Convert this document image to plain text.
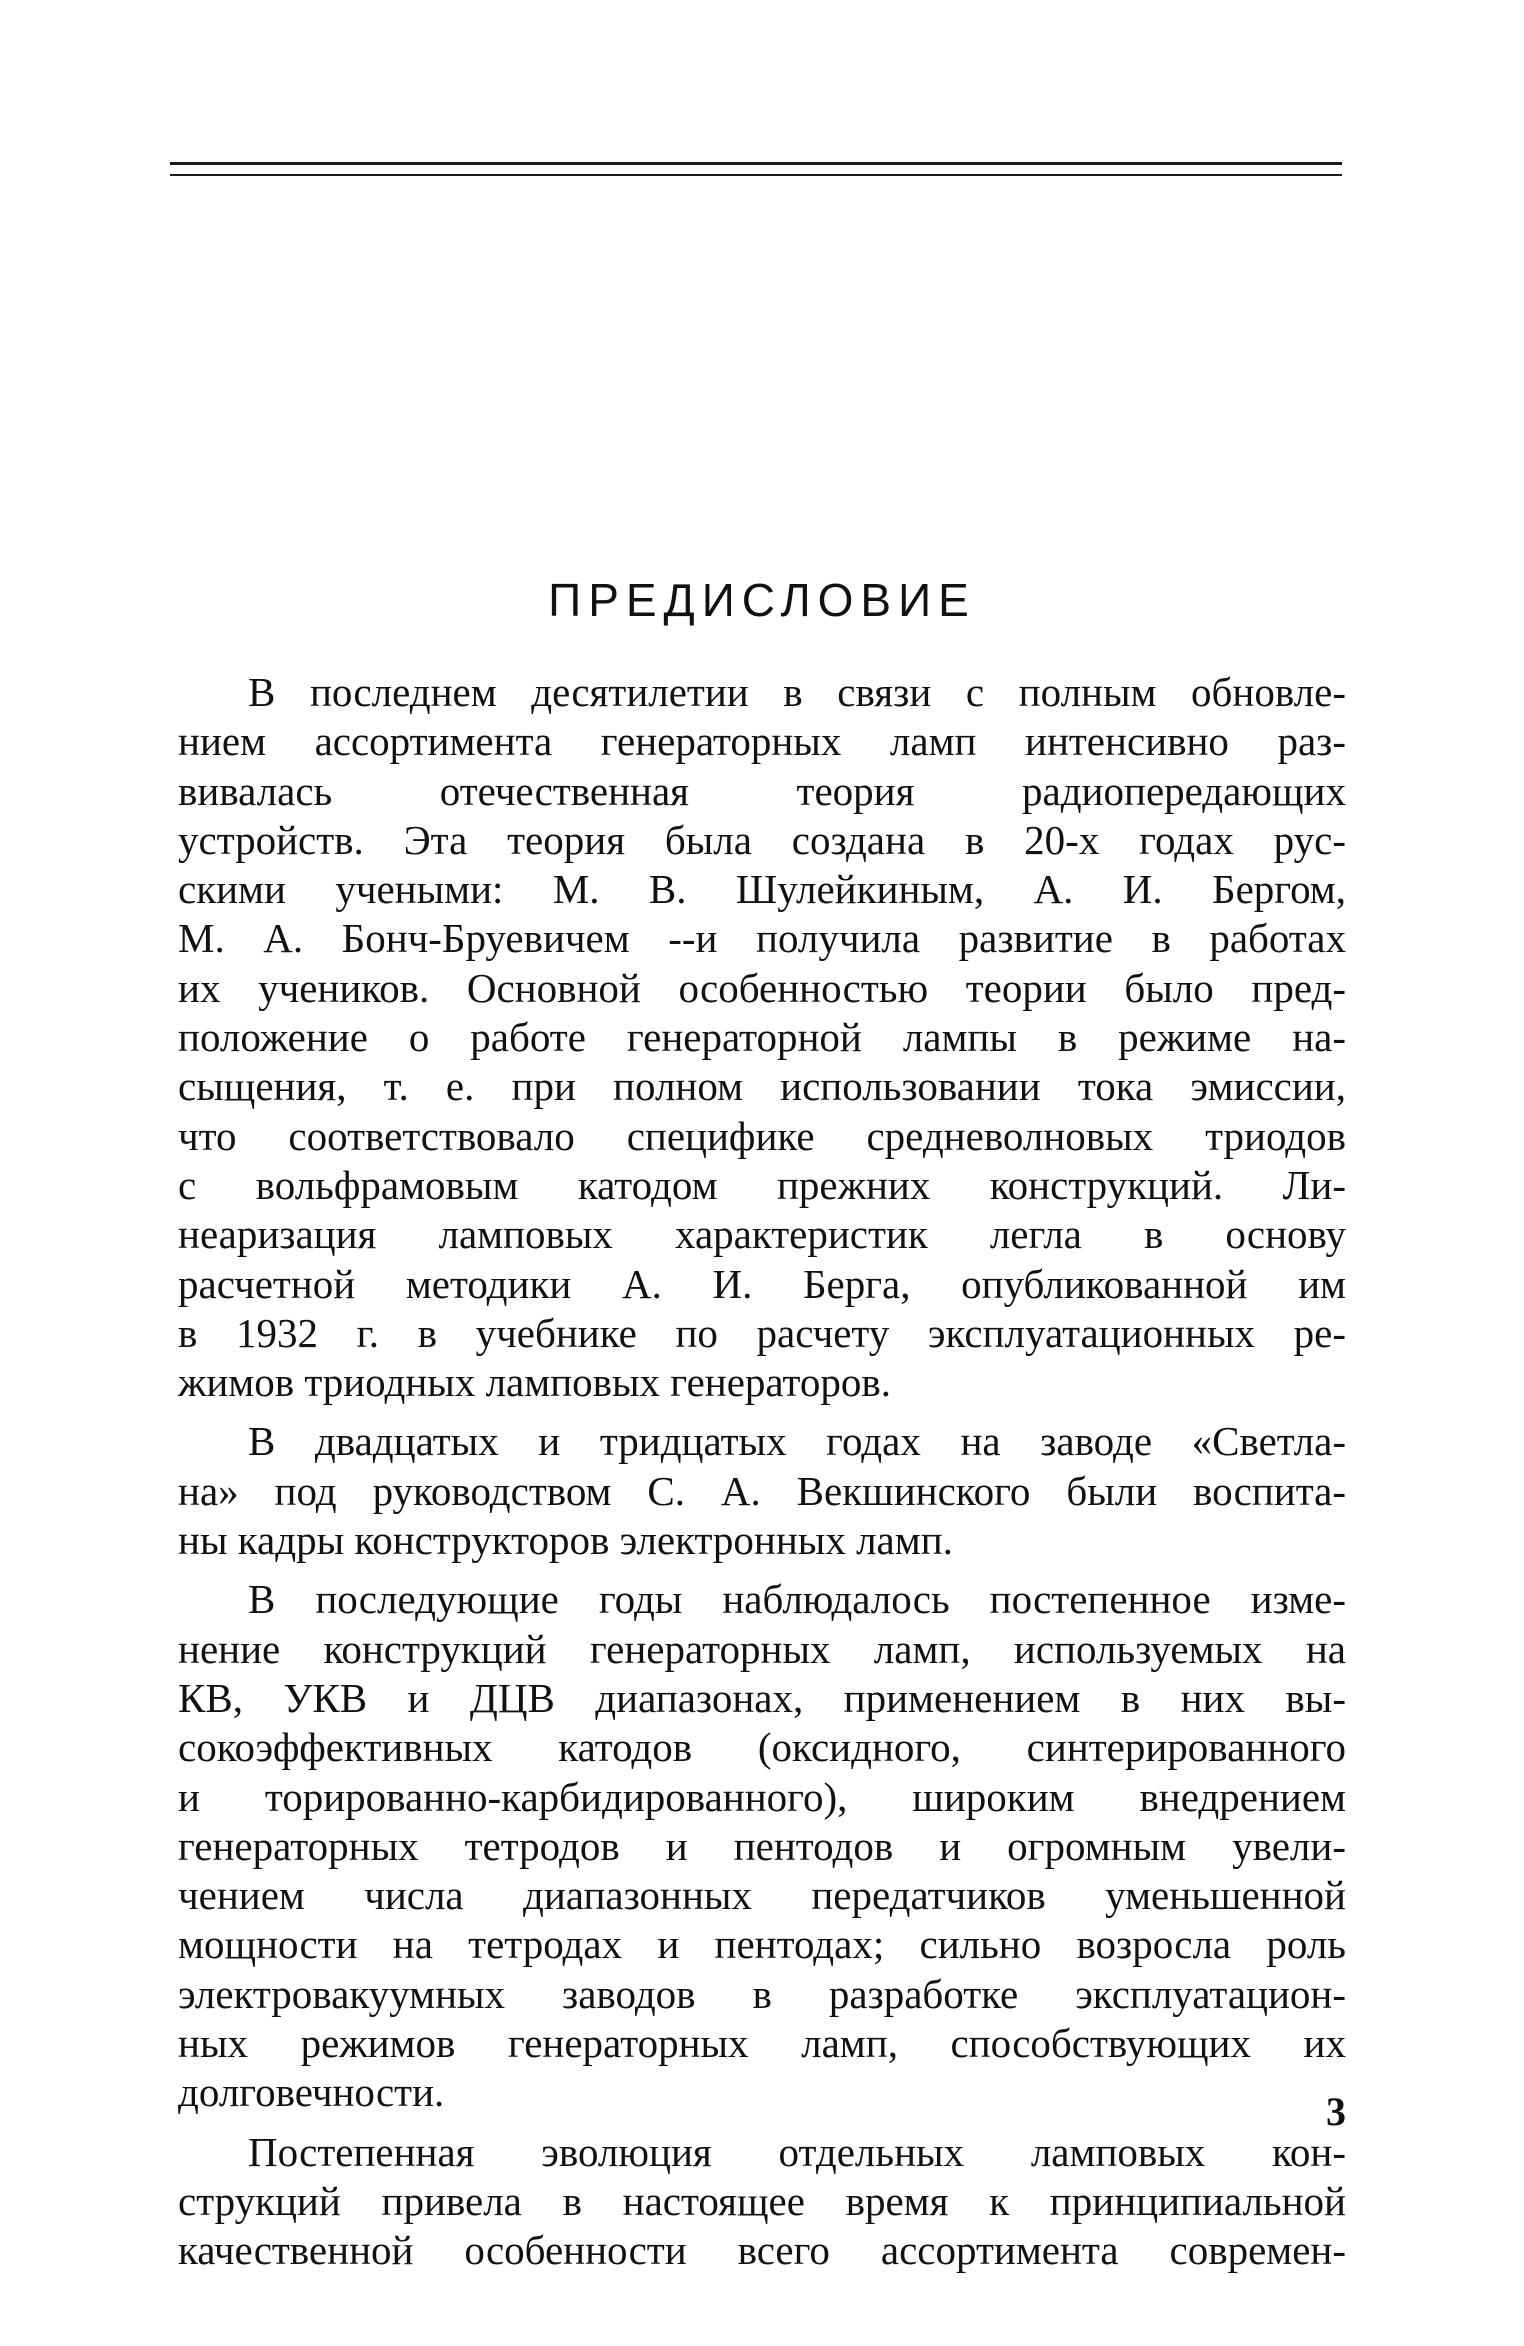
ПРЕДИСЛОВИЕ
В последнем десятилетии в связи с полным обновле-
нием ассортимента генераторных ламп интенсивно раз-
вивалась отечественная теория радиопередающих
устройств. Эта теория была создана в 20-х годах рус-
скими учеными: М. В. Шулейкиным, А. И. Бергом,
М. А. Бонч-Бруевичем --и получила развитие в работах
их учеников. Основной особенностью теории было пред-
положение о работе генераторной лампы в режиме на-
сыщения, т. е. при полном использовании тока эмиссии,
что соответствовало специфике средневолновых триодов
с вольфрамовым катодом прежних конструкций. Ли-
неаризация ламповых характеристик легла в основу
расчетной методики А. И. Берга, опубликованной им
в 1932 г. в учебнике по расчету эксплуатационных ре-
жимов триодных ламповых генераторов.
В двадцатых и тридцатых годах на заводе «Светла-
на» под руководством С. А. Векшинского были воспита-
ны кадры конструкторов электронных ламп.
В последующие годы наблюдалось постепенное изме-
нение конструкций генераторных ламп, используемых на
КВ, УКВ и ДЦВ диапазонах, применением в них вы-
сокоэффективных катодов (оксидного, синтерированного
и торированно-карбидированного), широким внедрением
генераторных тетродов и пентодов и огромным увели-
чением числа диапазонных передатчиков уменьшенной
мощности на тетродах и пентодах; сильно возросла роль
электровакуумных заводов в разработке эксплуатацион-
ных режимов генераторных ламп, способствующих их
долговечности.
Постепенная эволюция отдельных ламповых кон-
струкций привела в настоящее время к принципиальной
качественной особенности всего ассортимента современ-
3
